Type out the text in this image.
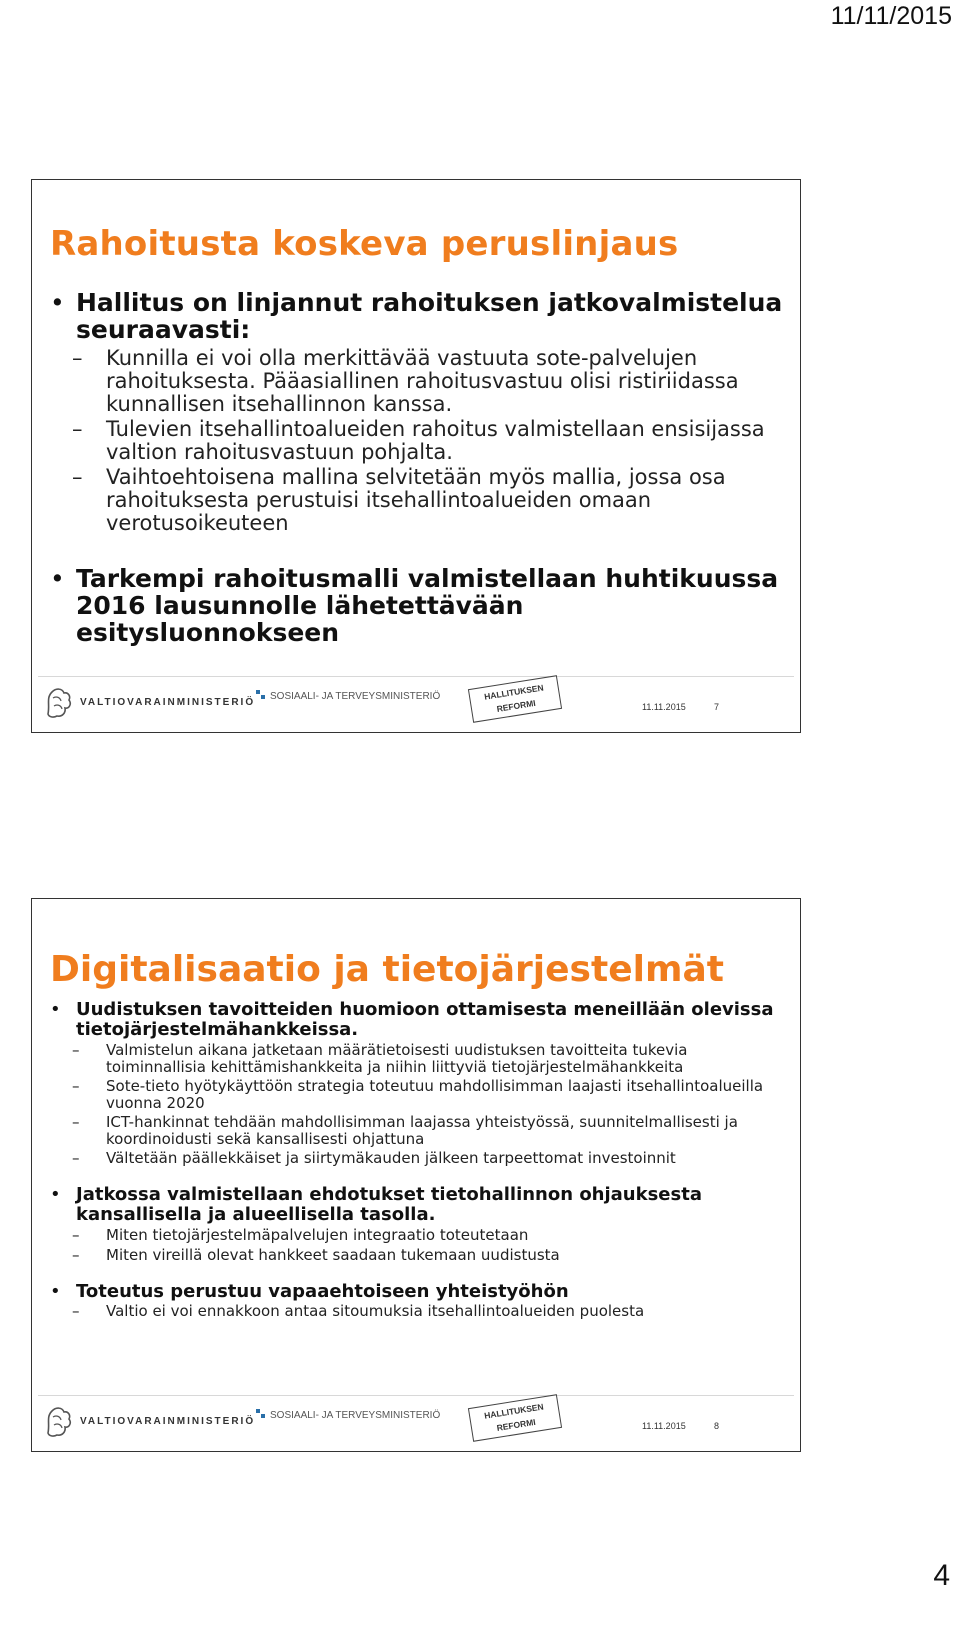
11/11/2015
Rahoitusta koskeva peruslinjaus
• Hallitus on linjannut rahoituksen jatkovalmistelua seuraavasti:
– Kunnilla ei voi olla merkittävää vastuuta sote-palvelujen rahoituksesta. Pääasiallinen rahoitusvastuu olisi ristiriidassa kunnallisen itsehallinnon kanssa.
– Tulevien itsehallintoalueiden rahoitus valmistellaan ensisijassa valtion rahoitusvastuun pohjalta.
– Vaihtoehtoisena mallina selvitetään myös mallia, jossa osa rahoituksesta perustuisi itsehallintoalueiden omaan verotusoikeuteen
• Tarkempi rahoitusmalli valmistellaan huhtikuussa 2016 lausunnolle lähetettävään esitysluonnokseen
VALTIOVARAINMINISTERIÖ
SOSIAALI- JA TERVEYSMINISTERIÖ	HALLITUKSEN
REFORMI	11.11.2015	7
Digitalisaatio ja tietojärjestelmät
• Uudistuksen tavoitteiden huomioon ottamisesta meneillään olevissa tietojärjestelmähankkeissa.
– Valmistelun aikana jatketaan määrätietoisesti uudistuksen tavoitteita tukevia toiminnallisia kehittämishankkeita ja niihin liittyviä tietojärjestelmähankkeita
– Sote-tieto hyötykäyttöön strategia toteutuu mahdollisimman laajasti itsehallintoalueilla vuonna 2020
– ICT-hankinnat tehdään mahdollisimman laajassa yhteistyössä, suunnitelmallisesti ja koordinoidusti sekä kansallisesti ohjattuna
– Vältetään päällekkäiset ja siirtymäkauden jälkeen tarpeettomat investoinnit
• Jatkossa valmistellaan ehdotukset tietohallinnon ohjauksesta kansallisella ja alueellisella tasolla.
– Miten tietojärjestelmäpalvelujen integraatio toteutetaan
– Miten vireillä olevat hankkeet saadaan tukemaan uudistusta
• Toteutus perustuu vapaaehtoiseen yhteistyöhön
– Valtio ei voi ennakkoon antaa sitoumuksia itsehallintoalueiden puolesta
VALTIOVARAINMINISTERIÖ
SOSIAALI- JA TERVEYSMINISTERIÖ	HALLITUKSEN
REFORMI	11.11.2015	8
4
